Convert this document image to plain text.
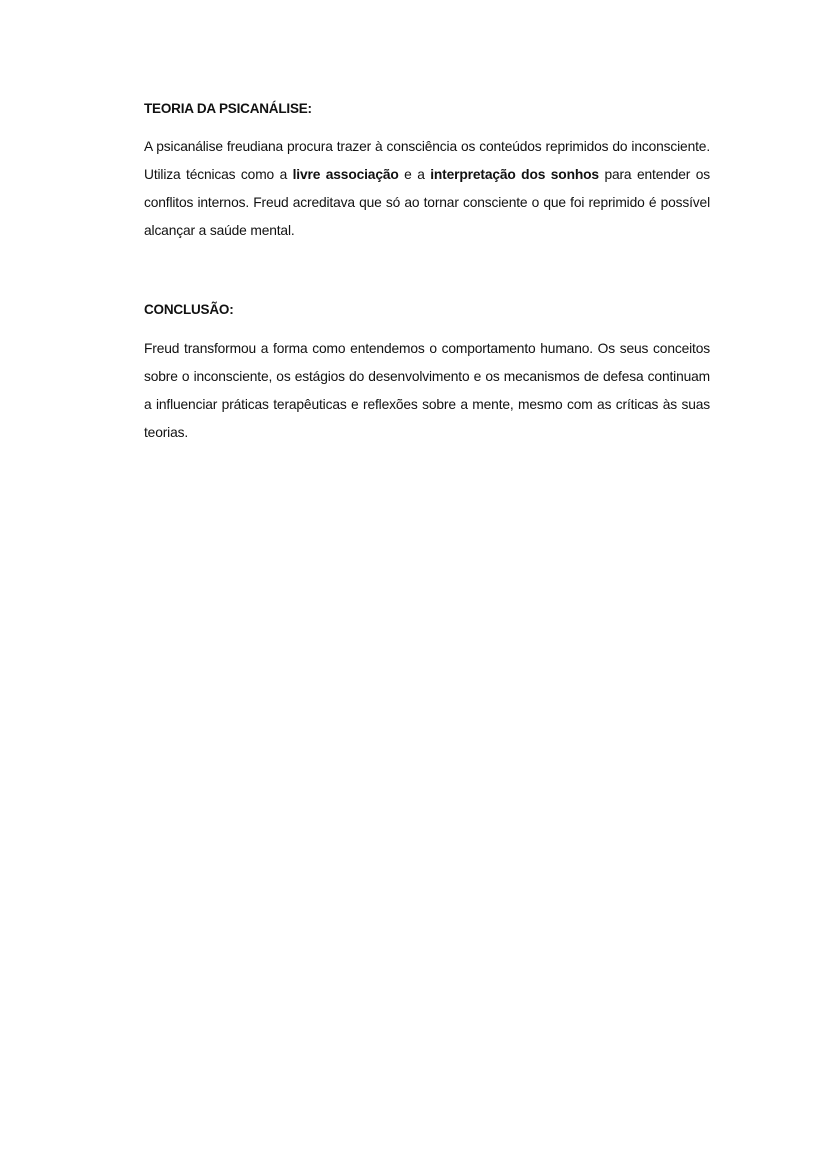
TEORIA DA PSICANÁLISE:
A psicanálise freudiana procura trazer à consciência os conteúdos reprimidos do inconsciente. Utiliza técnicas como a livre associação e a interpretação dos sonhos para entender os conflitos internos. Freud acreditava que só ao tornar consciente o que foi reprimido é possível alcançar a saúde mental.
CONCLUSÃO:
Freud transformou a forma como entendemos o comportamento humano. Os seus conceitos sobre o inconsciente, os estágios do desenvolvimento e os mecanismos de defesa continuam a influenciar práticas terapêuticas e reflexões sobre a mente, mesmo com as críticas às suas teorias.
